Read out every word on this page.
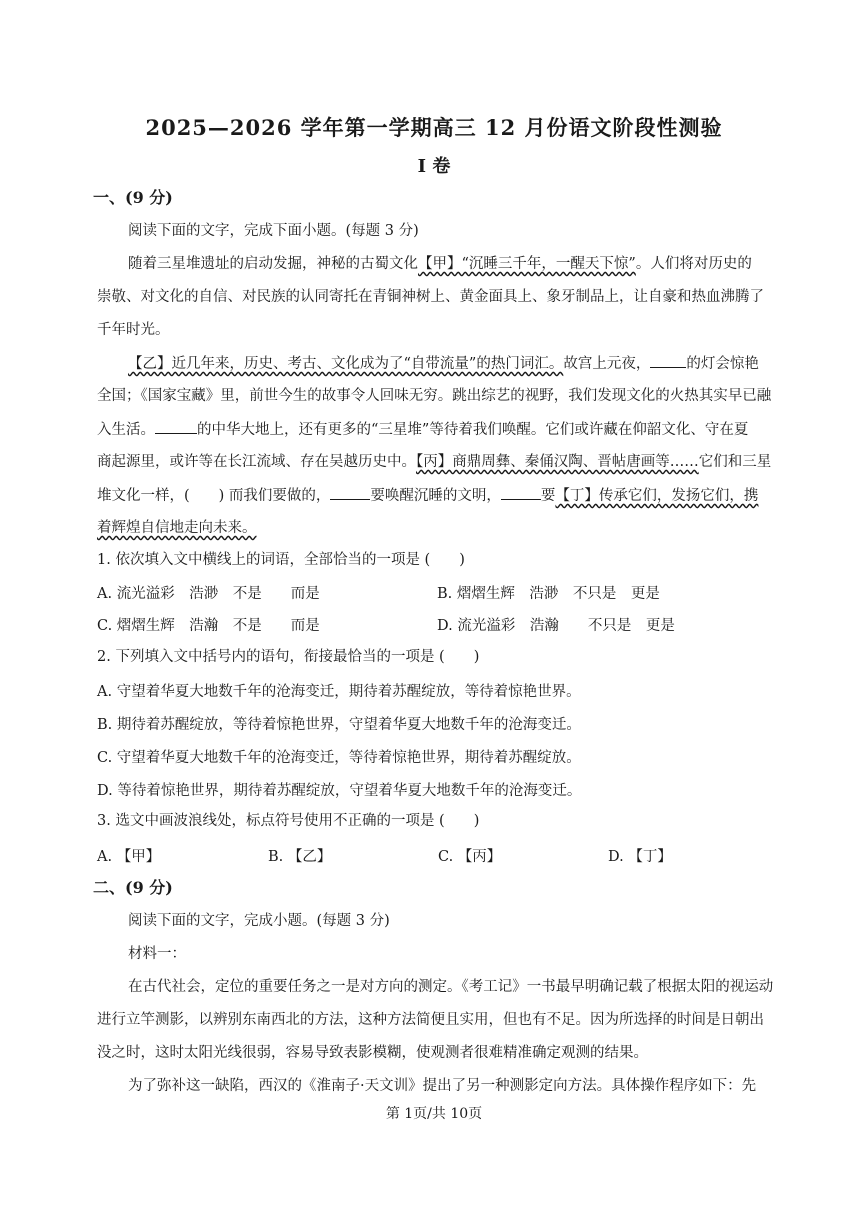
2025—2026 学年第一学期高三 12 月份语文阶段性测验
I 卷
一、(9 分)
阅读下面的文字，完成下面小题。(每题 3 分)
随着三星堆遗址的启动发掘，神秘的古蜀文化【甲】“沉睡三千年，一醒天下惊”。人们将对历史的
崇敬、对文化的自信、对民族的认同寄托在青铜神树上、黄金面具上、象牙制品上，让自豪和热血沸腾了
千年时光。
【乙】近几年来，历史、考古、文化成为了“自带流量”的热门词汇。故宫上元夜， 的灯会惊艳
全国；《国家宝藏》里，前世今生的故事令人回味无穷。跳出综艺的视野，我们发现文化的火热其实早已融
入生活。	的中华大地上，还有更多的“三星堆”等待着我们唤醒。它们或许藏在仰韶文化、守在夏
商起源里，或许等在长江流域、存在吴越历史中。【丙】商鼎周彝、秦俑汉陶、晋帖唐画等……它们和三星
堆文化一样，(　　) 而我们要做的，	要唤醒沉睡的文明，	要【丁】传承它们，发扬它们，携
着辉煌自信地走向未来。
1. 依次填入文中横线上的词语，全部恰当的一项是 (　　)
A. 流光溢彩　浩渺　不是　　而是	B. 熠熠生辉　浩渺　不只是　更是
C. 熠熠生辉　浩瀚　不是　　而是	D. 流光溢彩　浩瀚　　不只是　更是
2. 下列填入文中括号内的语句，衔接最恰当的一项是 (　　)
A. 守望着华夏大地数千年的沧海变迁，期待着苏醒绽放，等待着惊艳世界。
B. 期待着苏醒绽放，等待着惊艳世界，守望着华夏大地数千年的沧海变迁。
C. 守望着华夏大地数千年的沧海变迁，等待着惊艳世界，期待着苏醒绽放。
D. 等待着惊艳世界，期待着苏醒绽放，守望着华夏大地数千年的沧海变迁。
3. 选文中画波浪线处，标点符号使用不正确的一项是 (　　)
A. 【甲】	B. 【乙】	C. 【丙】	D. 【丁】
二、(9 分)
阅读下面的文字，完成小题。(每题 3 分)
材料一：
在古代社会，定位的重要任务之一是对方向的测定。《考工记》一书最早明确记载了根据太阳的视运动
进行立竿测影，以辨别东南西北的方法，这种方法简便且实用，但也有不足。因为所选择的时间是日朝出
没之时，这时太阳光线很弱，容易导致表影模糊，使观测者很难精准确定观测的结果。
为了弥补这一缺陷，西汉的《淮南子·天文训》提出了另一种测影定向方法。具体操作程序如下：先
第 1页/共 10页
